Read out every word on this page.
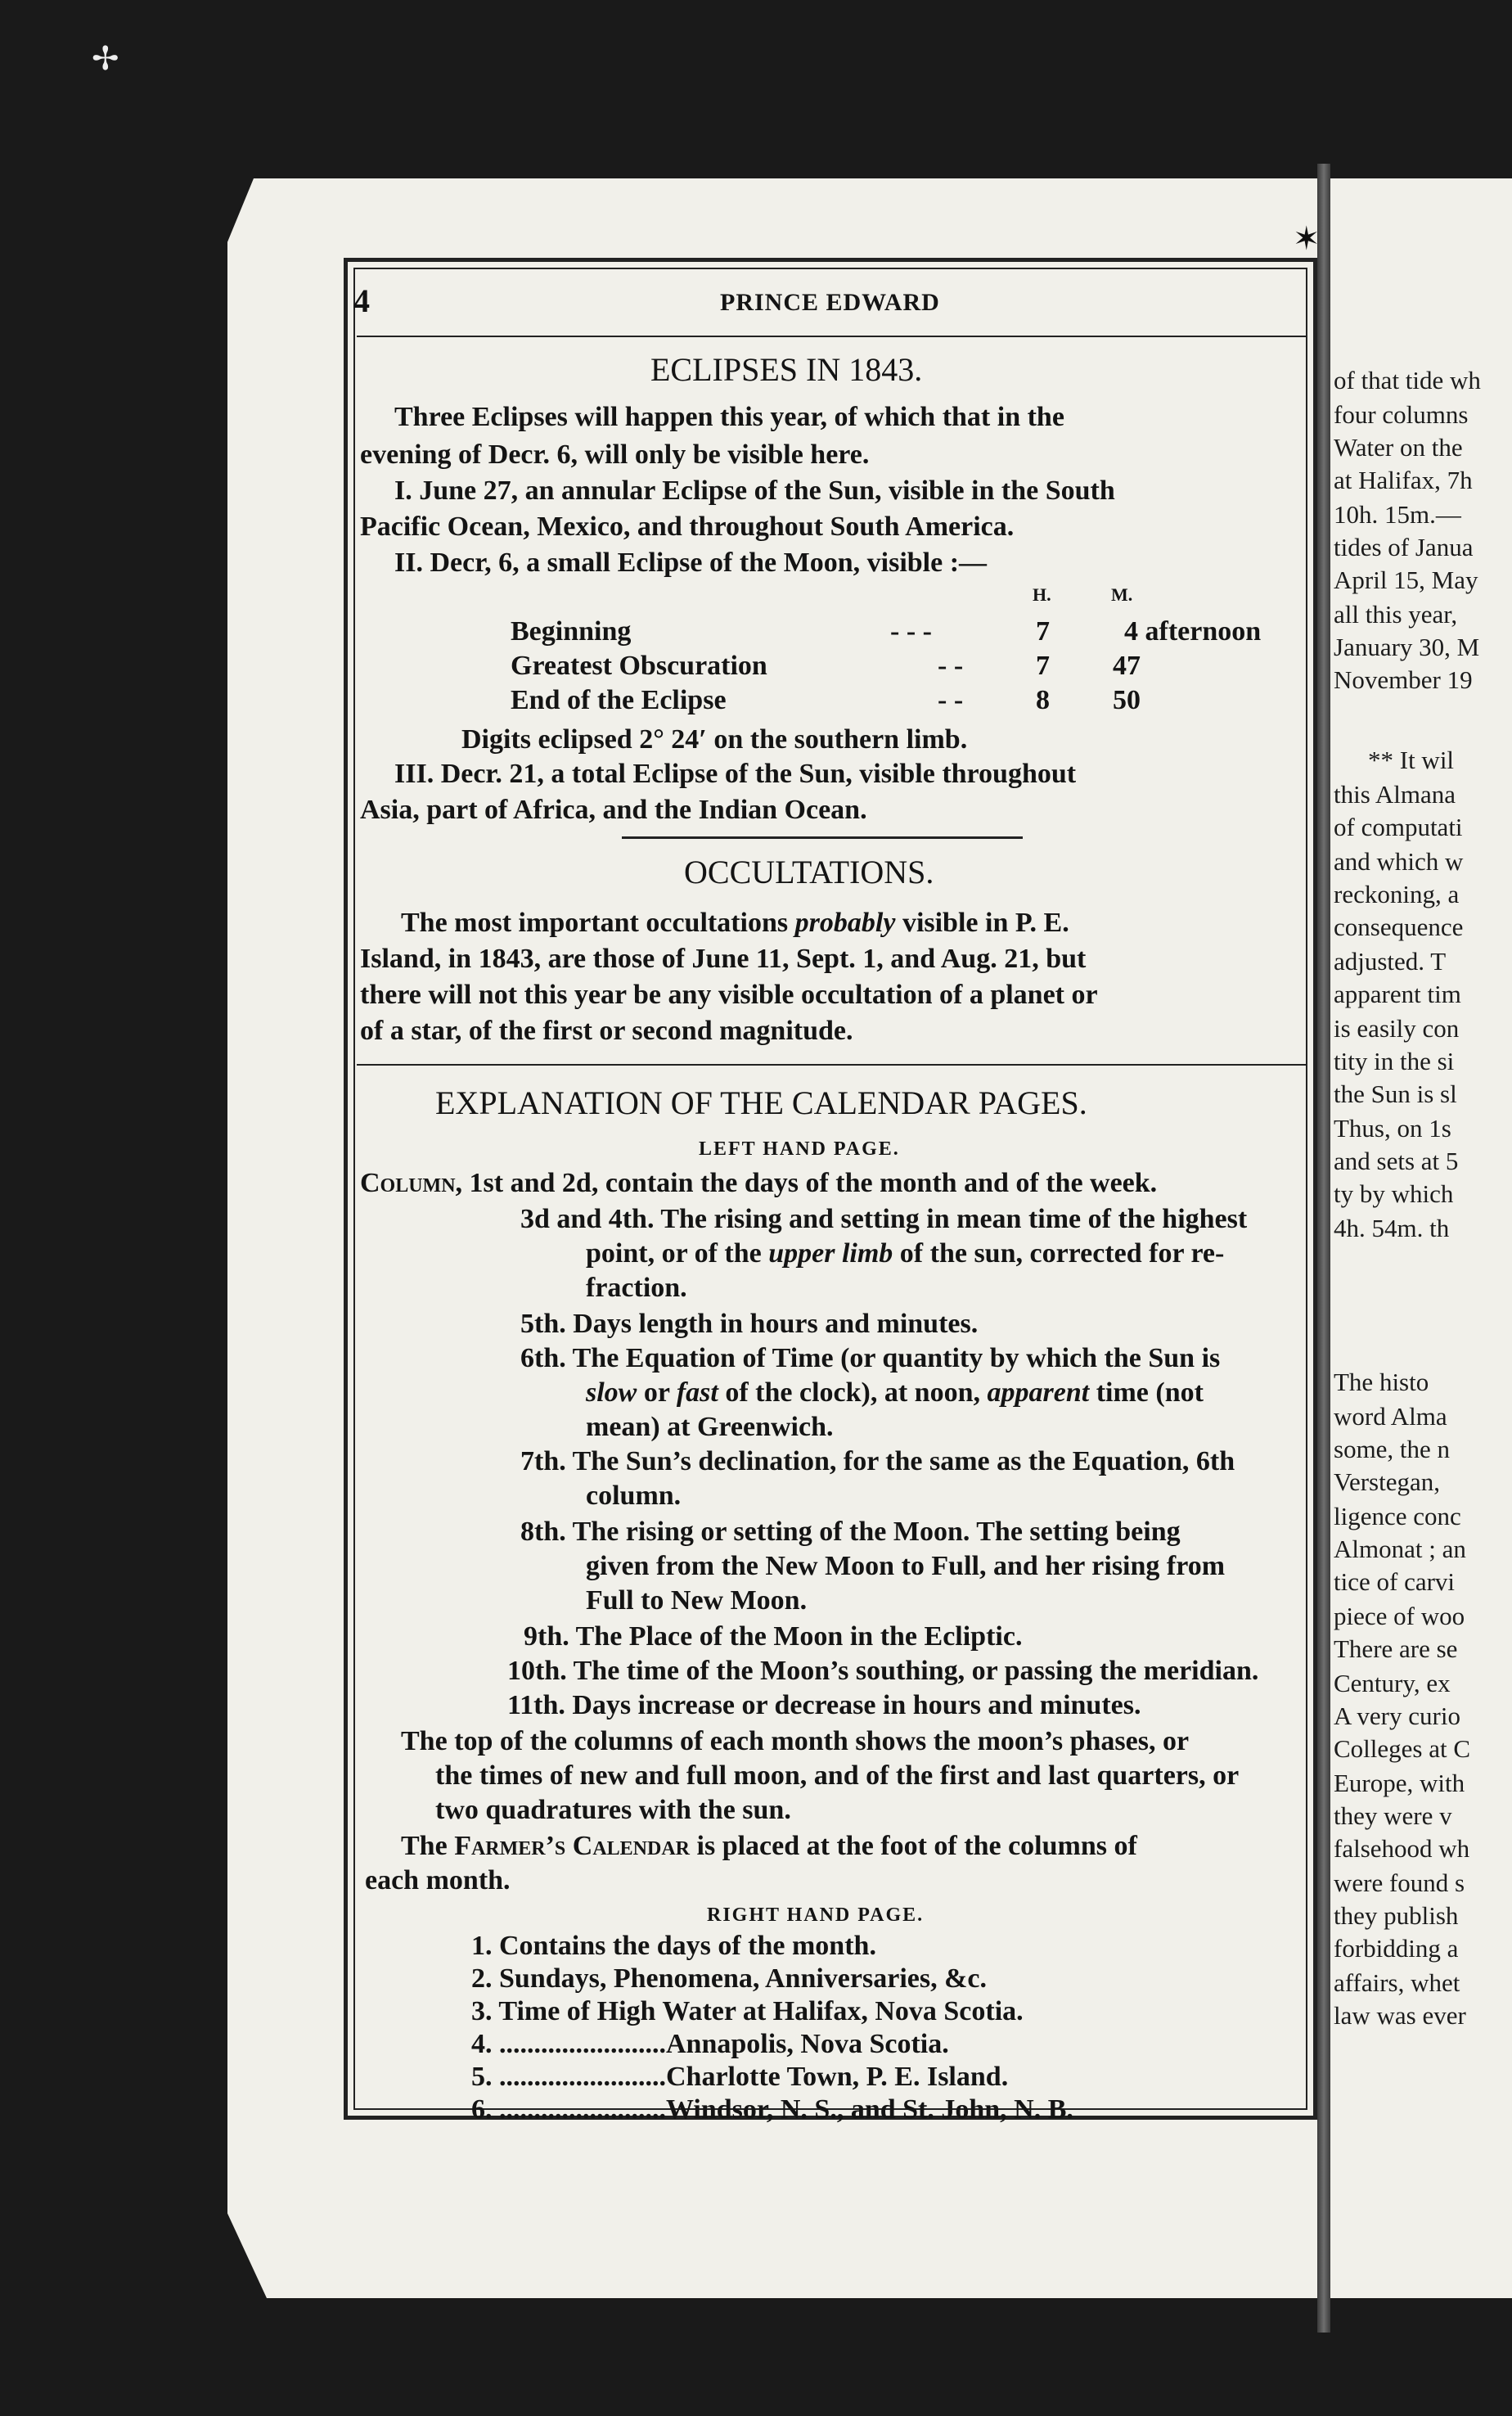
✢
✶
4	PRINCE EDWARD
ECLIPSES IN 1843.
Three Eclipses will happen this year, of which that in the
evening of Decr. 6, will only be visible here.
I. June 27, an annular Eclipse of the Sun, visible in the South
Pacific Ocean, Mexico, and throughout South America.
II. Decr, 6, a small Eclipse of the Moon, visible :—
H.	M.
Beginning	- - -	7	4 afternoon
Greatest Obscuration	- -	7 47
End of the Eclipse	- -	8 50
Digits eclipsed 2° 24′ on the southern limb.
III. Decr. 21, a total Eclipse of the Sun, visible throughout
Asia, part of Africa, and the Indian Ocean.
OCCULTATIONS.
The most important occultations probably visible in P. E.
Island, in 1843, are those of June 11, Sept. 1, and Aug. 21, but
there will not this year be any visible occultation of a planet or
of a star, of the first or second magnitude.
EXPLANATION OF THE CALENDAR PAGES.
LEFT HAND PAGE.
Column, 1st and 2d, contain the days of the month and of the week.
3d and 4th. The rising and setting in mean time of the highest
point, or of the upper limb of the sun, corrected for re-
fraction.
5th. Days length in hours and minutes.
6th. The Equation of Time (or quantity by which the Sun is
slow or fast of the clock), at noon, apparent time (not
mean) at Greenwich.
7th. The Sun’s declination, for the same as the Equation, 6th
column.
8th. The rising or setting of the Moon. The setting being
given from the New Moon to Full, and her rising from
Full to New Moon.
9th. The Place of the Moon in the Ecliptic.
10th. The time of the Moon’s southing, or passing the meridian.
11th. Days increase or decrease in hours and minutes.
The top of the columns of each month shows the moon’s phases, or
the times of new and full moon, and of the first and last quarters, or
two quadratures with the sun.
The Farmer’s Calendar is placed at the foot of the columns of
each month.
RIGHT HAND PAGE.
1. Contains the days of the month.
2. Sundays, Phenomena, Anniversaries, &c.
3. Time of High Water at Halifax, Nova Scotia.
4. ........................Annapolis, Nova Scotia.
5. ........................Charlotte Town, P. E. Island.
6. ........................Windsor, N. S., and St. John, N. B.
of that tide wh
four columns
Water on the
at Halifax, 7h
10h. 15m.—
tides of Janua
April 15, May
all this year,
January 30, M
November 19
** It wil
this Almana
of computati
and which w
reckoning, a
consequence
adjusted. T
apparent tim
is easily con
tity in the si
the Sun is sl
Thus, on 1s
and sets at 5
ty by which
4h. 54m. th
The histo
word Alma
some, the n
Verstegan,
ligence conc
Almonat ; an
tice of carvi
piece of woo
There are se
Century, ex
A very curio
Colleges at C
Europe, with
they were v
falsehood wh
were found s
they publish
forbidding a
affairs, whet
law was ever
